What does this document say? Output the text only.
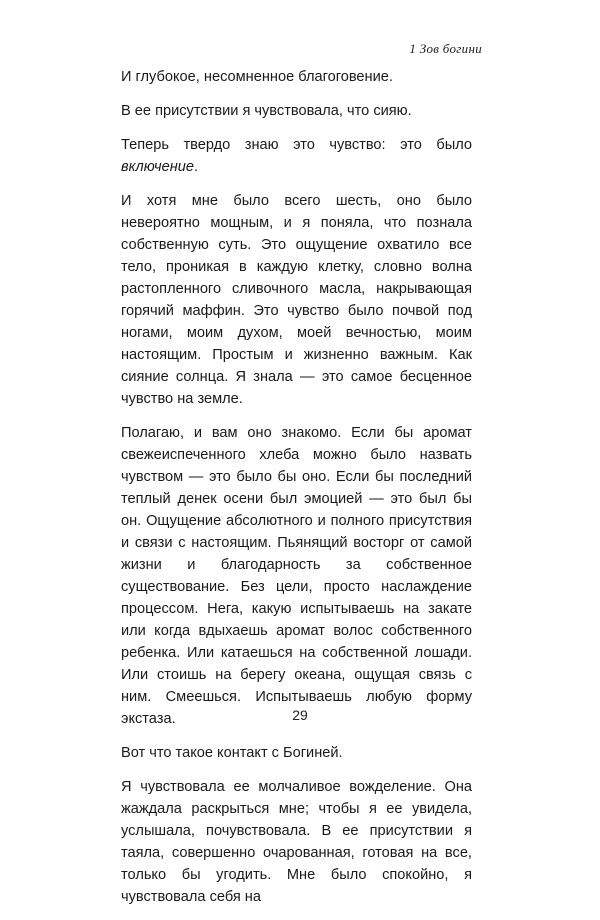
1 Зов богини

И глубокое, несомненное благоговение.

В ее присутствии я чувствовала, что сияю.

Теперь твердо знаю это чувство: это было включение.

И хотя мне было всего шесть, оно было невероятно мощным, и я поняла, что познала собственную суть. Это ощущение охватило все тело, проникая в каждую клетку, словно волна растопленного сливочного масла, накрывающая горячий маффин. Это чувство было почвой под ногами, моим духом, моей вечностью, моим настоящим. Простым и жизненно важным. Как сияние солнца. Я знала — это самое бесценное чувство на земле.

Полагаю, и вам оно знакомо. Если бы аромат свежеиспеченного хлеба можно было назвать чувством — это было бы оно. Если бы последний теплый денек осени был эмоцией — это был бы он. Ощущение абсолютного и полного присутствия и связи с настоящим. Пьянящий восторг от самой жизни и благодарность за собственное существование. Без цели, просто наслаждение процессом. Нега, какую испытываешь на закате или когда вдыхаешь аромат волос собственного ребенка. Или катаешься на собственной лошади. Или стоишь на берегу океана, ощущая связь с ним. Смеешься. Испытываешь любую форму экстаза.

Вот что такое контакт с Богиней.

Я чувствовала ее молчаливое вожделение. Она жаждала раскрыться мне; чтобы я ее увидела, услышала, почувствовала. В ее присутствии я таяла, совершенно очарованная, готовая на все, только бы угодить. Мне было спокойно, я чувствовала себя на

29
